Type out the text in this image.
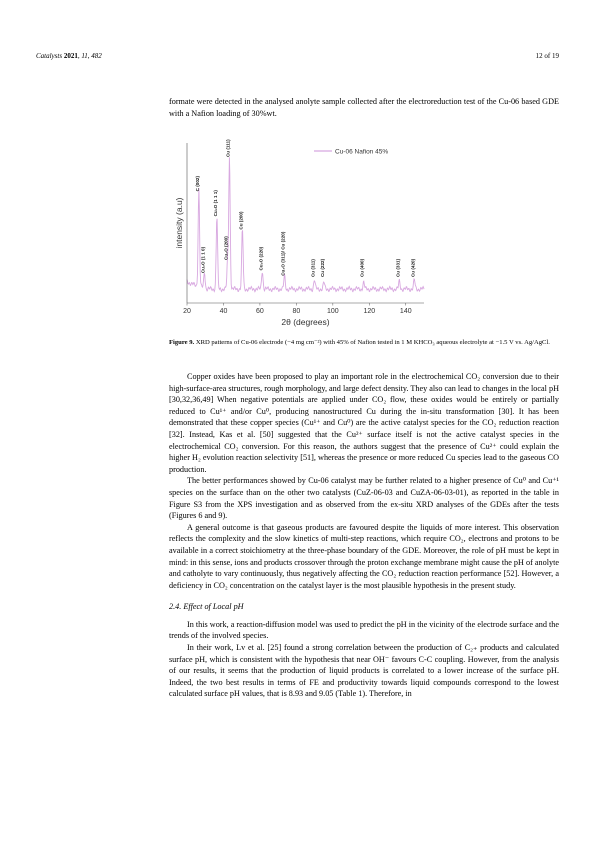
Catalysts 2021, 11, 482	12 of 19

formate were detected in the analysed anolyte sample collected after the electroreduction test of the Cu-06 based GDE with a Nafion loading of 30%wt.

C (002)
Cu₂O (1 1 0)
Cu₂O (1 1 1)
Cu₂O (200)
Cu (111)
Cu (200)
Cu₂O (220)	Cu₂O (311)/ Cu (220)	Cu (311) Cu (222)	Cu (400)	Cu (331) Cu (420)
20	40	60	80	100	120	140
2θ (degrees)
intensity (a.u)
Cu-06 Nafion 45%
Figure 9. XRD patterns of Cu-06 electrode (−4 mg cm⁻²) with 45% of Nafion tested in 1 M KHCO₃ aqueous electrolyte at −1.5 V vs. Ag/AgCl.

Copper oxides have been proposed to play an important role in the electrochemical CO₂ conversion due to their high-surface-area structures, rough morphology, and large defect density. They also can lead to changes in the local pH [30,32,36,49] When negative potentials are applied under CO₂ flow, these oxides would be entirely or partially reduced to Cu¹⁺ and/or Cu⁰, producing nanostructured Cu during the in-situ transformation [30]. It has been demonstrated that these copper species (Cu¹⁺ and Cu⁰) are the active catalyst species for the CO₂ reduction reaction [32]. Instead, Kas et al. [50] suggested that the Cu²⁺ surface itself is not the active catalyst species in the electrochemical CO₂ conversion. For this reason, the authors suggest that the presence of Cu²⁺ could explain the higher H₂ evolution reaction selectivity [51], whereas the presence or more reduced Cu species lead to the gaseous CO production.

The better performances showed by Cu-06 catalyst may be further related to a higher presence of Cu⁰ and Cu⁺¹ species on the surface than on the other two catalysts (CuZ-06-03 and CuZA-06-03-01), as reported in the table in Figure S3 from the XPS investigation and as observed from the ex-situ XRD analyses of the GDEs after the tests (Figures 6 and 9).

A general outcome is that gaseous products are favoured despite the liquids of more interest. This observation reflects the complexity and the slow kinetics of multi-step reactions, which require CO₂, electrons and protons to be available in a correct stoichiometry at the three-phase boundary of the GDE. Moreover, the role of pH must be kept in mind: in this sense, ions and products crossover through the proton exchange membrane might cause the pH of anolyte and catholyte to vary continuously, thus negatively affecting the CO₂ reduction reaction performance [52]. However, a deficiency in CO₂ concentration on the catalyst layer is the most plausible hypothesis in the present study.

2.4. Effect of Local pH

In this work, a reaction-diffusion model was used to predict the pH in the vicinity of the electrode surface and the trends of the involved species.

In their work, Lv et al. [25] found a strong correlation between the production of C₂₊ products and calculated surface pH, which is consistent with the hypothesis that near OH⁻ favours C-C coupling. However, from the analysis of our results, it seems that the production of liquid products is correlated to a lower increase of the surface pH. Indeed, the two best results in terms of FE and productivity towards liquid compounds correspond to the lowest calculated surface pH values, that is 8.93 and 9.05 (Table 1). Therefore, in
